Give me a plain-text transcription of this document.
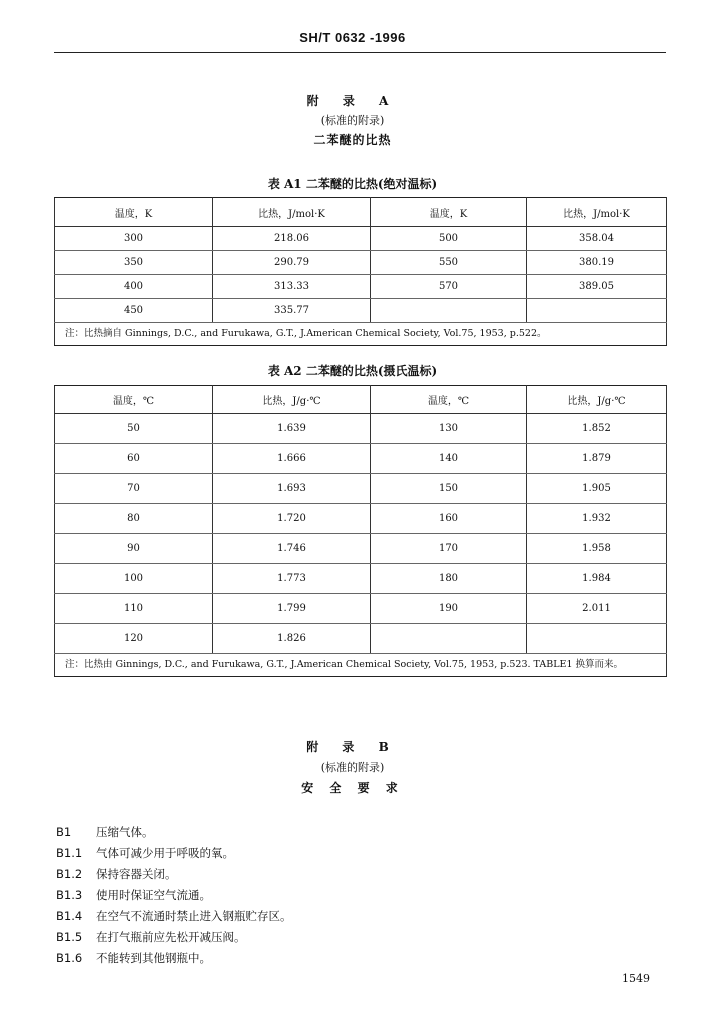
SH/T 0632 -1996
附 录 A
(标准的附录)
二苯醚的比热
表 A1 二苯醚的比热(绝对温标)
温度，K	比热，J/mol·K	温度，K	比热，J/mol·K
300	218.06	500	358.04
350	290.79	550	380.19
400	313.33	570	389.05
450	335.77		
注：比热摘自 Ginnings, D.C., and Furukawa, G.T., J.American Chemical Society, Vol.75, 1953, p.522。			
表 A2 二苯醚的比热(摄氏温标)
温度，℃	比热，J/g·℃	温度，℃	比热，J/g·℃
50	1.639	130	1.852
60	1.666	140	1.879
70	1.693	150	1.905
80	1.720	160	1.932
90	1.746	170	1.958
100	1.773	180	1.984
110	1.799	190	2.011
120	1.826		
注：比热由 Ginnings, D.C., and Furukawa, G.T., J.American Chemical Society, Vol.75, 1953, p.523. TABLE1 换算而来。			
附 录 B
(标准的附录)
安 全 要 求
B1 压缩气体。
B1.1 气体可减少用于呼吸的氧。
B1.2 保持容器关闭。
B1.3 使用时保证空气流通。
B1.4 在空气不流通时禁止进入钢瓶贮存区。
B1.5 在打气瓶前应先松开减压阀。
B1.6 不能转到其他钢瓶中。
1549
